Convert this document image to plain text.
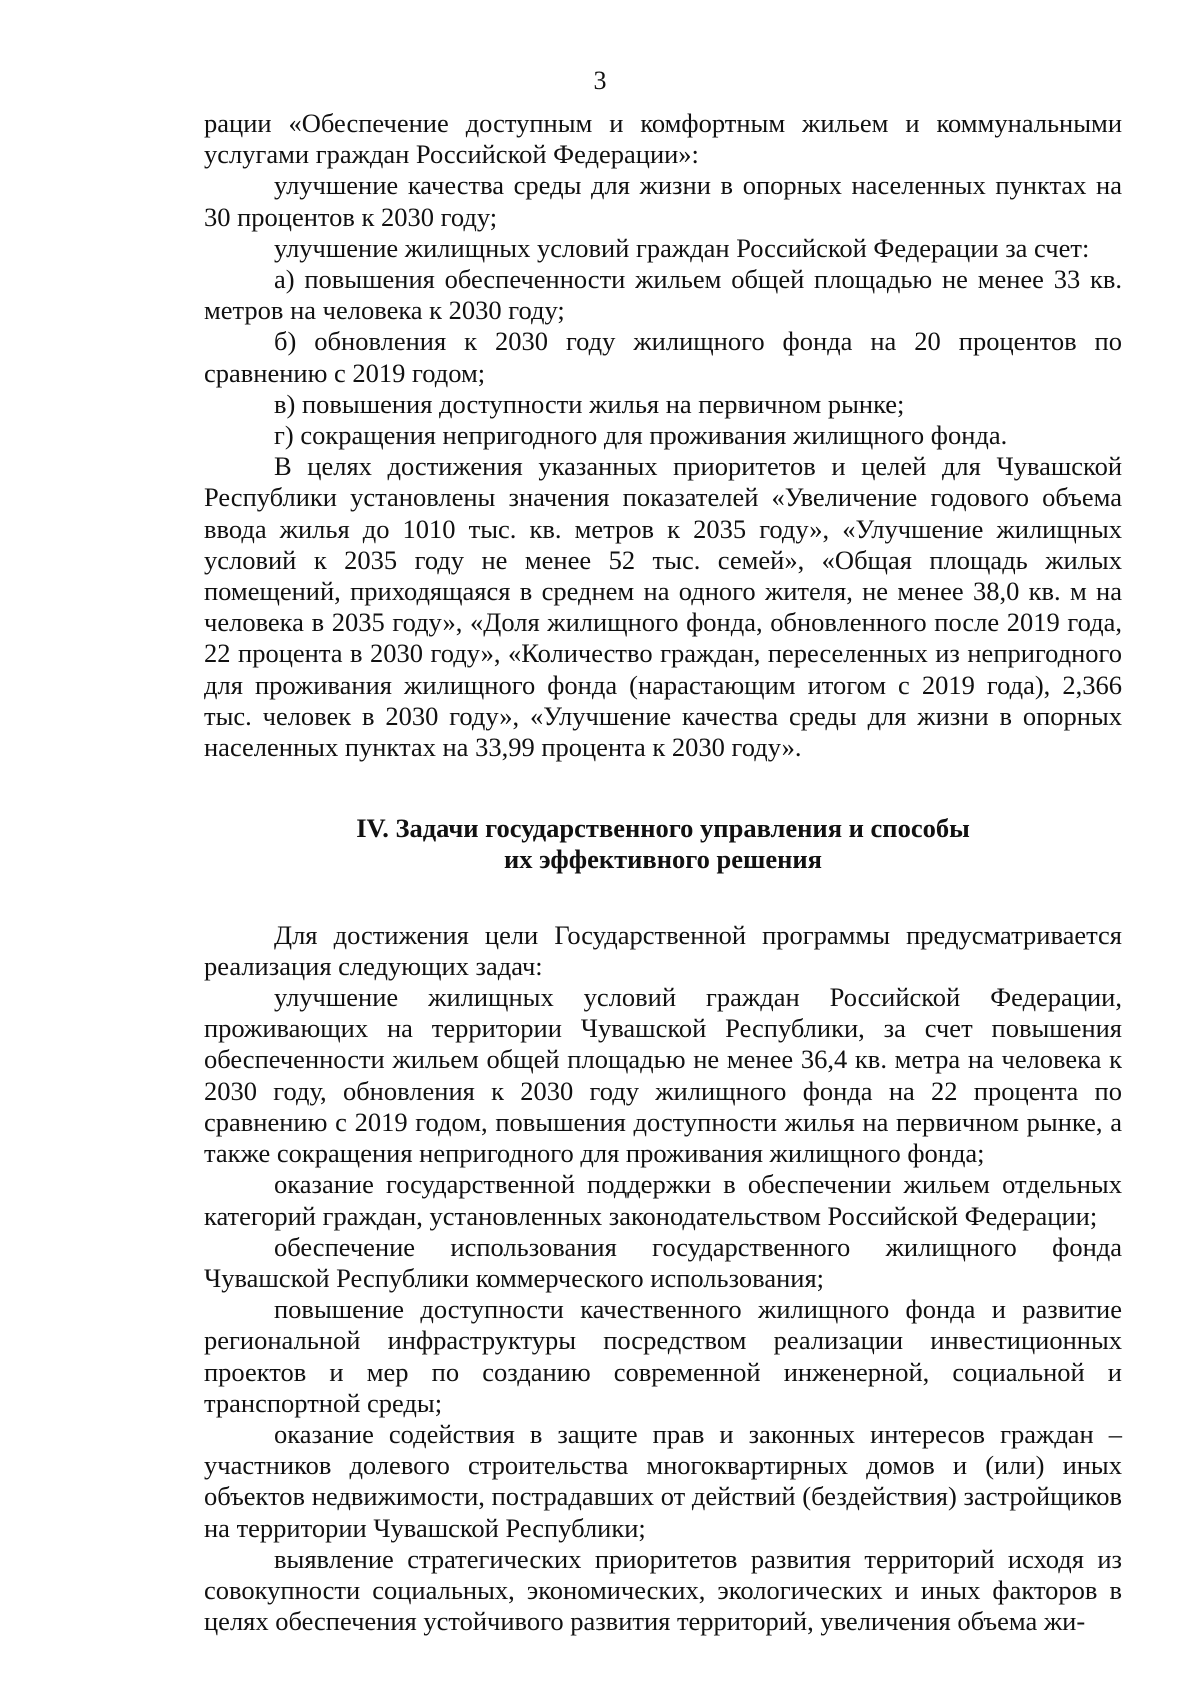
3

рации «Обеспечение доступным и комфортным жильем и коммунальными услугами граждан Российской Федерации»:

улучшение качества среды для жизни в опорных населенных пунктах на 30 процентов к 2030 году;

улучшение жилищных условий граждан Российской Федерации за счет:

а) повышения обеспеченности жильем общей площадью не менее 33 кв. метров на человека к 2030 году;

б) обновления к 2030 году жилищного фонда на 20 процентов по сравнению с 2019 годом;

в) повышения доступности жилья на первичном рынке;

г) сокращения непригодного для проживания жилищного фонда.

В целях достижения указанных приоритетов и целей для Чувашской Республики установлены значения показателей «Увеличение годового объема ввода жилья до 1010 тыс. кв. метров к 2035 году», «Улучшение жилищных условий к 2035 году не менее 52 тыс. семей», «Общая площадь жилых помещений, приходящаяся в среднем на одного жителя, не менее 38,0 кв. м на человека в 2035 году», «Доля жилищного фонда, обновленного после 2019 года, 22 процента в 2030 году», «Количество граждан, переселенных из непригодного для проживания жилищного фонда (нарастающим итогом с 2019 года), 2,366 тыс. человек в 2030 году», «Улучшение качества среды для жизни в опорных населенных пунктах на 33,99 процента к 2030 году».

IV. Задачи государственного управления и способы
их эффективного решения

Для достижения цели Государственной программы предусматривается реализация следующих задач:

улучшение жилищных условий граждан Российской Федерации, проживающих на территории Чувашской Республики, за счет повышения обеспеченности жильем общей площадью не менее 36,4 кв. метра на человека к 2030 году, обновления к 2030 году жилищного фонда на 22 процента по сравнению с 2019 годом, повышения доступности жилья на первичном рынке, а также сокращения непригодного для проживания жилищного фонда;

оказание государственной поддержки в обеспечении жильем отдельных категорий граждан, установленных законодательством Российской Федерации;

обеспечение использования государственного жилищного фонда Чувашской Республики коммерческого использования;

повышение доступности качественного жилищного фонда и развитие региональной инфраструктуры посредством реализации инвестиционных проектов и мер по созданию современной инженерной, социальной и транспортной среды;

оказание содействия в защите прав и законных интересов граждан – участников долевого строительства многоквартирных домов и (или) иных объектов недвижимости, пострадавших от действий (бездействия) застройщиков на территории Чувашской Республики;

выявление стратегических приоритетов развития территорий исходя из совокупности социальных, экономических, экологических и иных факторов в целях обеспечения устойчивого развития территорий, увеличения объема жи-
